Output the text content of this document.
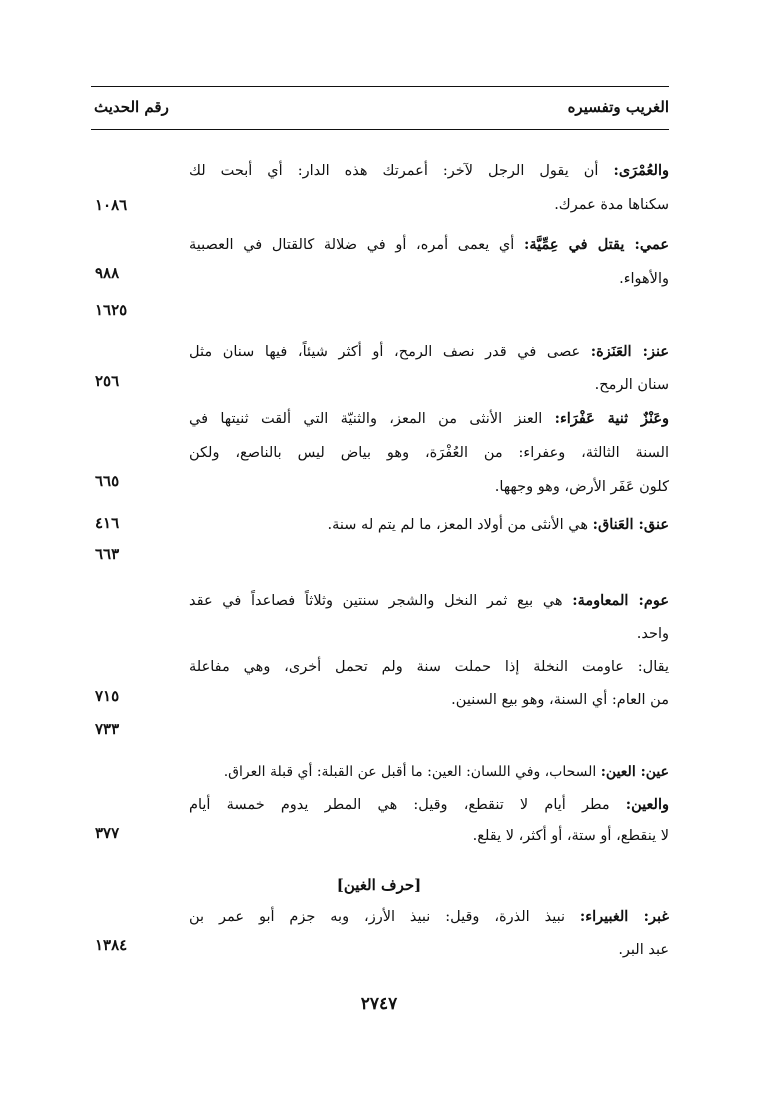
الغريب وتفسيره
رقم الحديث
والعُمْرَى: أن يقول الرجل لآخر: أعمرتك هذه الدار: أي أبحت لك
سكناها مدة عمرك.
١٠٨٦
عمي: يقتل في عِمِّيَّة: أي يعمى أمره، أو في ضلالة كالقتال في العصبية
والأهواء.
٩٨٨
١٦٢٥
عنز: العَنَزة: عصى في قدر نصف الرمح، أو أكثر شيئاً، فيها سنان مثل
سنان الرمح.
وعَنْزٌ ثنية عَفْرَاء: العنز الأنثى من المعز، والثنيّة التي ألقت ثنيتها في
السنة الثالثة، وعفراء: من العُفْرَة، وهو بياض ليس بالناصع، ولكن
كلون عَفَر الأرض، وهو وجهها.
٢٥٦
٦٦٥
عنق: العَناق: هي الأنثى من أولاد المعز، ما لم يتم له سنة.
٤١٦
٦٦٣
عوم: المعاومة: هي بيع ثمر النخل والشجر سنتين وثلاثاً فصاعداً في عقد
واحد.
يقال: عاومت النخلة إذا حملت سنة ولم تحمل أخرى، وهي مفاعلة
من العام: أي السنة، وهو بيع السنين.
٧١٥
٧٣٣
عين: العين: السحاب، وفي اللسان: العين: ما أقبل عن القبلة: أي قبلة العراق.
والعين: مطر أيام لا تنقطع، وقيل: هي المطر يدوم خمسة أيام
لا ينقطع، أو ستة، أو أكثر، لا يقلع.
٣٧٧
[حرف الغين]
غبر: الغبيراء: نبيذ الذرة، وقيل: نبيذ الأرز، وبه جزم أبو عمر بن
عبد البر.
١٣٨٤
٢٧٤٧
